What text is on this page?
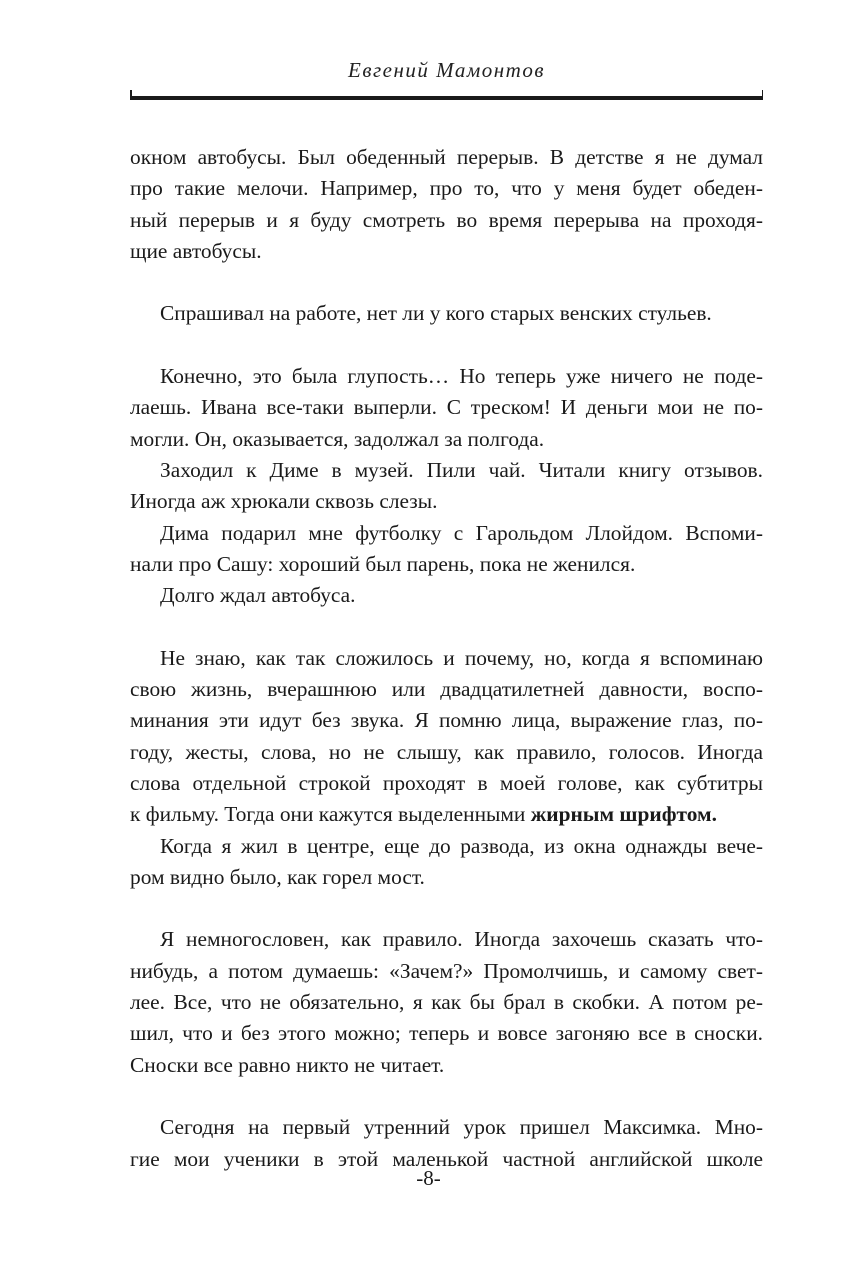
Евгений Мамонтов
окном автобусы. Был обеденный перерыв. В детстве я не думал
про такие мелочи. Например, про то, что у меня будет обеден-
ный перерыв и я буду смотреть во время перерыва на проходя-
щие автобусы.
Спрашивал на работе, нет ли у кого старых венских стульев.
Конечно, это была глупость… Но теперь уже ничего не поде-
лаешь. Ивана все-таки выперли. С треском! И деньги мои не по-
могли. Он, оказывается, задолжал за полгода.
Заходил к Диме в музей. Пили чай. Читали книгу отзывов.
Иногда аж хрюкали сквозь слезы.
Дима подарил мне футболку с Гарольдом Ллойдом. Вспоми-
нали про Сашу: хороший был парень, пока не женился.
Долго ждал автобуса.
Не знаю, как так сложилось и почему, но, когда я вспоминаю
свою жизнь, вчерашнюю или двадцатилетней давности, воспо-
минания эти идут без звука. Я помню лица, выражение глаз, по-
году, жесты, слова, но не слышу, как правило, голосов. Иногда
слова отдельной строкой проходят в моей голове, как субтитры
к фильму. Тогда они кажутся выделенными жирным шрифтом.
Когда я жил в центре, еще до развода, из окна однажды вече-
ром видно было, как горел мост.
Я немногословен, как правило. Иногда захочешь сказать что-
нибудь, а потом думаешь: «Зачем?» Промолчишь, и самому свет-
лее. Все, что не обязательно, я как бы брал в скобки. А потом ре-
шил, что и без этого можно; теперь и вовсе загоняю все в сноски.
Сноски все равно никто не читает.
Сегодня на первый утренний урок пришел Максимка. Мно-
гие мои ученики в этой маленькой частной английской школе
-8-
